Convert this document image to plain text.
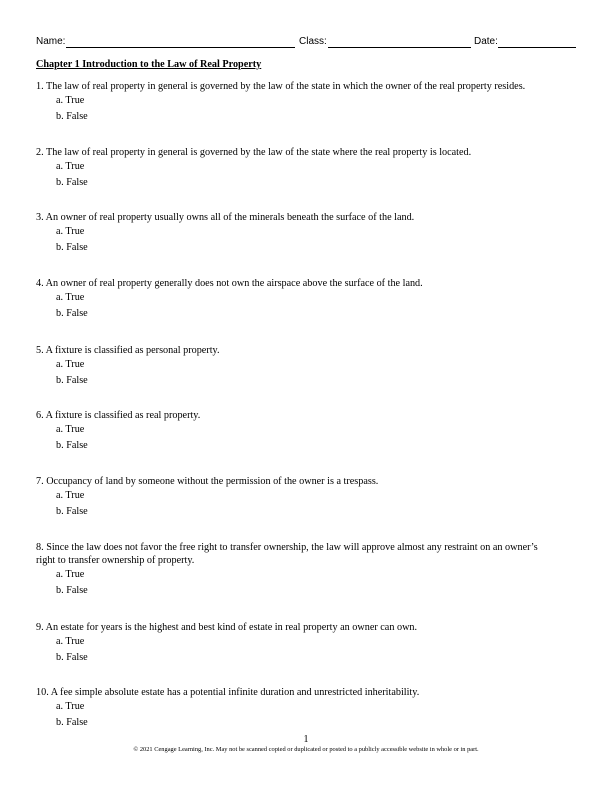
Name:	Class:	Date:
Chapter 1 Introduction to the Law of Real Property
1. The law of real property in general is governed by the law of the state in which the owner of the real property resides.
a. True
b. False
2. The law of real property in general is governed by the law of the state where the real property is located.
a. True
b. False
3. An owner of real property usually owns all of the minerals beneath the surface of the land.
a. True
b. False
4. An owner of real property generally does not own the airspace above the surface of the land.
a. True
b. False
5. A fixture is classified as personal property.
a. True
b. False
6. A fixture is classified as real property.
a. True
b. False
7. Occupancy of land by someone without the permission of the owner is a trespass.
a. True
b. False
8. Since the law does not favor the free right to transfer ownership, the law will approve almost any restraint on an owner’s right to transfer ownership of property.
a. True
b. False
9. An estate for years is the highest and best kind of estate in real property an owner can own.
a. True
b. False
10. A fee simple absolute estate has a potential infinite duration and unrestricted inheritability.
a. True
b. False
1
© 2021 Cengage Learning, Inc. May not be scanned copied or duplicated or posted to a publicly accessible website in whole or in part.
